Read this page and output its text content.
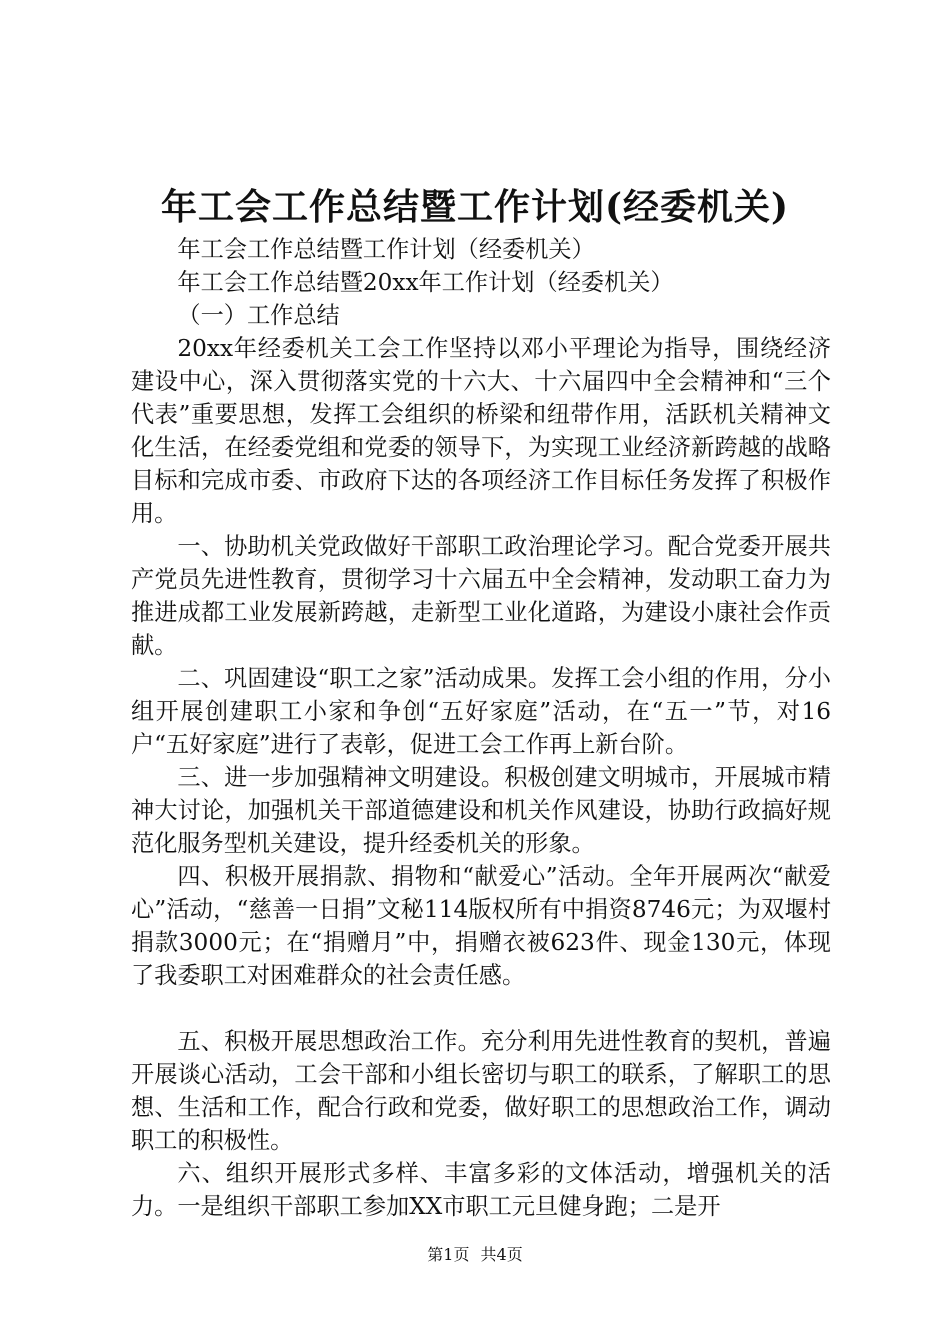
年工会工作总结暨工作计划(经委机关)

年工会工作总结暨工作计划（经委机关）

年工会工作总结暨20xx年工作计划（经委机关）

（一）工作总结

20xx年经委机关工会工作坚持以邓小平理论为指导，围绕经济建设中心，深入贯彻落实党的十六大、十六届四中全会精神和“三个代表”重要思想，发挥工会组织的桥梁和纽带作用，活跃机关精神文化生活，在经委党组和党委的领导下，为实现工业经济新跨越的战略目标和完成市委、市政府下达的各项经济工作目标任务发挥了积极作用。

一、协助机关党政做好干部职工政治理论学习。配合党委开展共产党员先进性教育，贯彻学习十六届五中全会精神，发动职工奋力为推进成都工业发展新跨越，走新型工业化道路，为建设小康社会作贡献。

二、巩固建设“职工之家”活动成果。发挥工会小组的作用，分小组开展创建职工小家和争创“五好家庭”活动，在“五一”节，对16户“五好家庭”进行了表彰，促进工会工作再上新台阶。

三、进一步加强精神文明建设。积极创建文明城市，开展城市精神大讨论，加强机关干部道德建设和机关作风建设，协助行政搞好规范化服务型机关建设，提升经委机关的形象。

四、积极开展捐款、捐物和“献爱心”活动。全年开展两次“献爱心”活动，“慈善一日捐”文秘114版权所有中捐资8746元；为双堰村捐款3000元；在“捐赠月”中，捐赠衣被623件、现金130元，体现了我委职工对困难群众的社会责任感。

五、积极开展思想政治工作。充分利用先进性教育的契机，普遍开展谈心活动，工会干部和小组长密切与职工的联系，了解职工的思想、生活和工作，配合行政和党委，做好职工的思想政治工作，调动职工的积极性。

六、组织开展形式多样、丰富多彩的文体活动，增强机关的活力。一是组织干部职工参加XX市职工元旦健身跑；二是开

第1页 共4页
